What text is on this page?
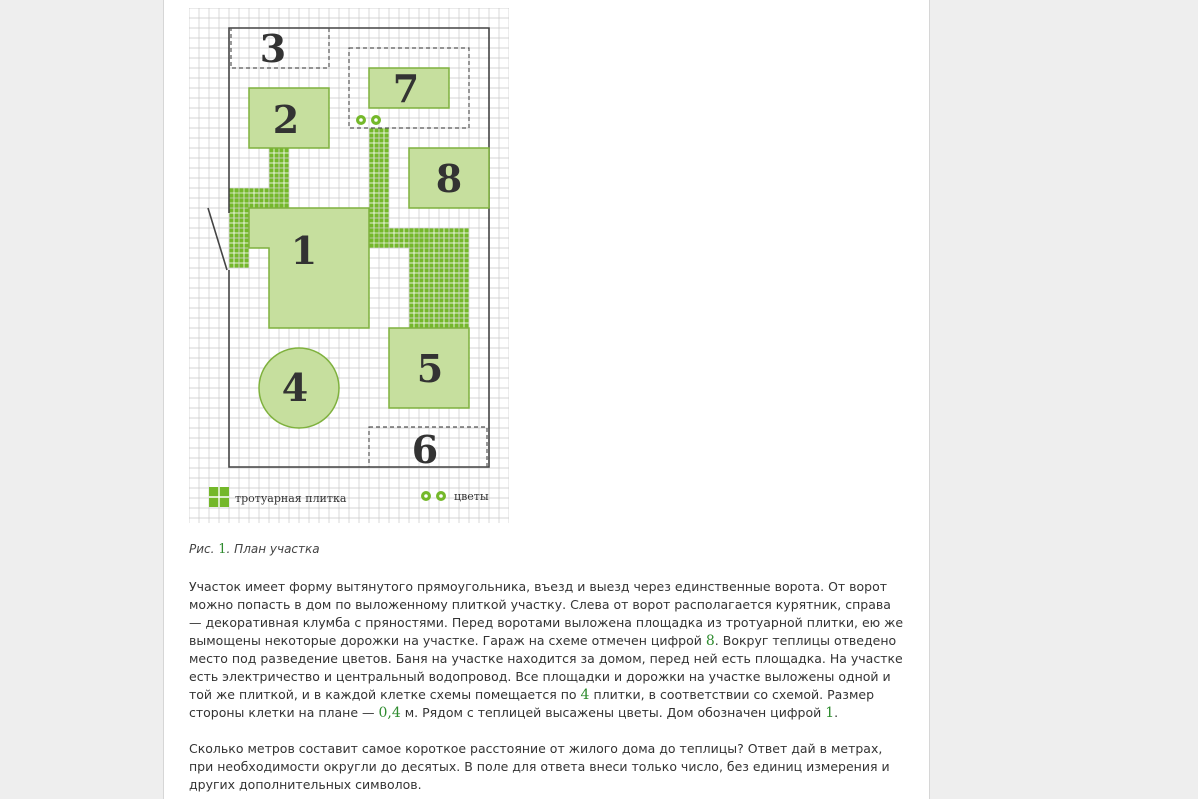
3
2
7
8
1
5
4
6
тротуарная плитка	цветы
Рис. 1. План участка
Участок имеет форму вытянутого прямоугольника, въезд и выезд через единственные ворота. От ворот можно попасть в дом по выложенному плиткой участку. Слева от ворот располагается курятник, справа — декоративная клумба с пряностями. Перед воротами выложена площадка из тротуарной плитки, ею же вымощены некоторые дорожки на участке. Гараж на схеме отмечен цифрой 8. Вокруг теплицы отведено место под разведение цветов. Баня на участке находится за домом, перед ней есть площадка. На участке есть электричество и центральный водопровод. Все площадки и дорожки на участке выложены одной и той же плиткой, и в каждой клетке схемы помещается по 4 плитки, в соответствии со схемой. Размер стороны клетки на плане — 0,4 м. Рядом с теплицей высажены цветы. Дом обозначен цифрой 1.
Сколько метров составит самое короткое расстояние от жилого дома до теплицы? Ответ дай в метрах, при необходимости округли до десятых. В поле для ответа внеси только число, без единиц измерения и других дополнительных символов.
